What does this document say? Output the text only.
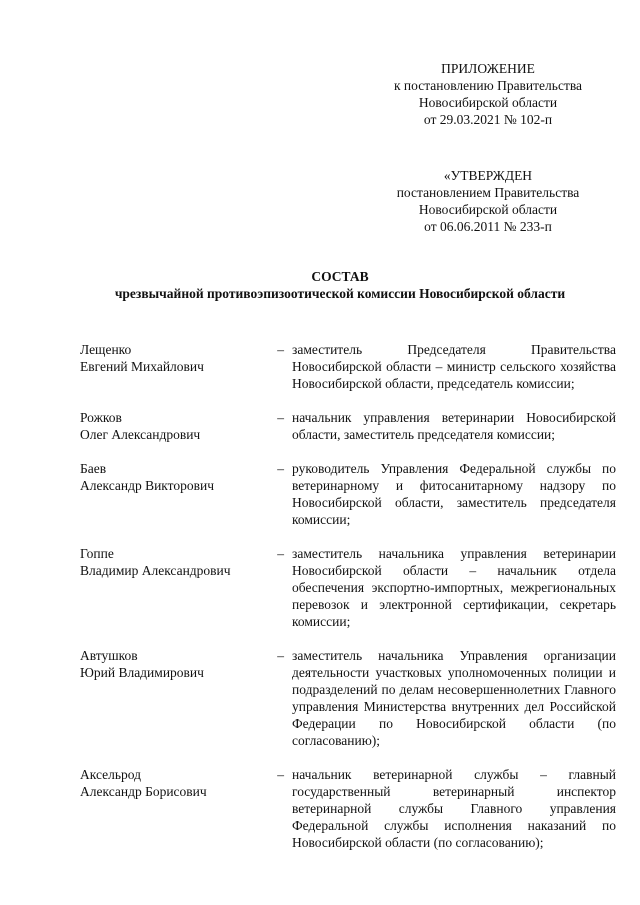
ПРИЛОЖЕНИЕ
к постановлению Правительства
Новосибирской области
от 29.03.2021 № 102-п
«УТВЕРЖДЕН
постановлением Правительства
Новосибирской области
от 06.06.2011 № 233-п
СОСТАВ
чрезвычайной противоэпизоотической комиссии Новосибирской области
Лещенко
Евгений Михайлович
– заместитель Председателя Правительства Новосибирской области – министр сельского хозяйства Новосибирской области, председатель комиссии;
Рожков
Олег Александрович
– начальник управления ветеринарии Новосибирской области, заместитель председателя комиссии;
Баев
Александр Викторович
– руководитель Управления Федеральной службы по ветеринарному и фитосанитарному надзору по Новосибирской области, заместитель председателя комиссии;
Гоппе
Владимир Александрович
– заместитель начальника управления ветеринарии Новосибирской области – начальник отдела обеспечения экспортно-импортных, межрегиональных перевозок и электронной сертификации, секретарь комиссии;
Автушков
Юрий Владимирович
– заместитель начальника Управления организации деятельности участковых уполномоченных полиции и подразделений по делам несовершеннолетних Главного управления Министерства внутренних дел Российской Федерации по Новосибирской области (по согласованию);
Аксельрод
Александр Борисович
– начальник ветеринарной службы – главный государственный ветеринарный инспектор ветеринарной службы Главного управления Федеральной службы исполнения наказаний по Новосибирской области (по согласованию);
